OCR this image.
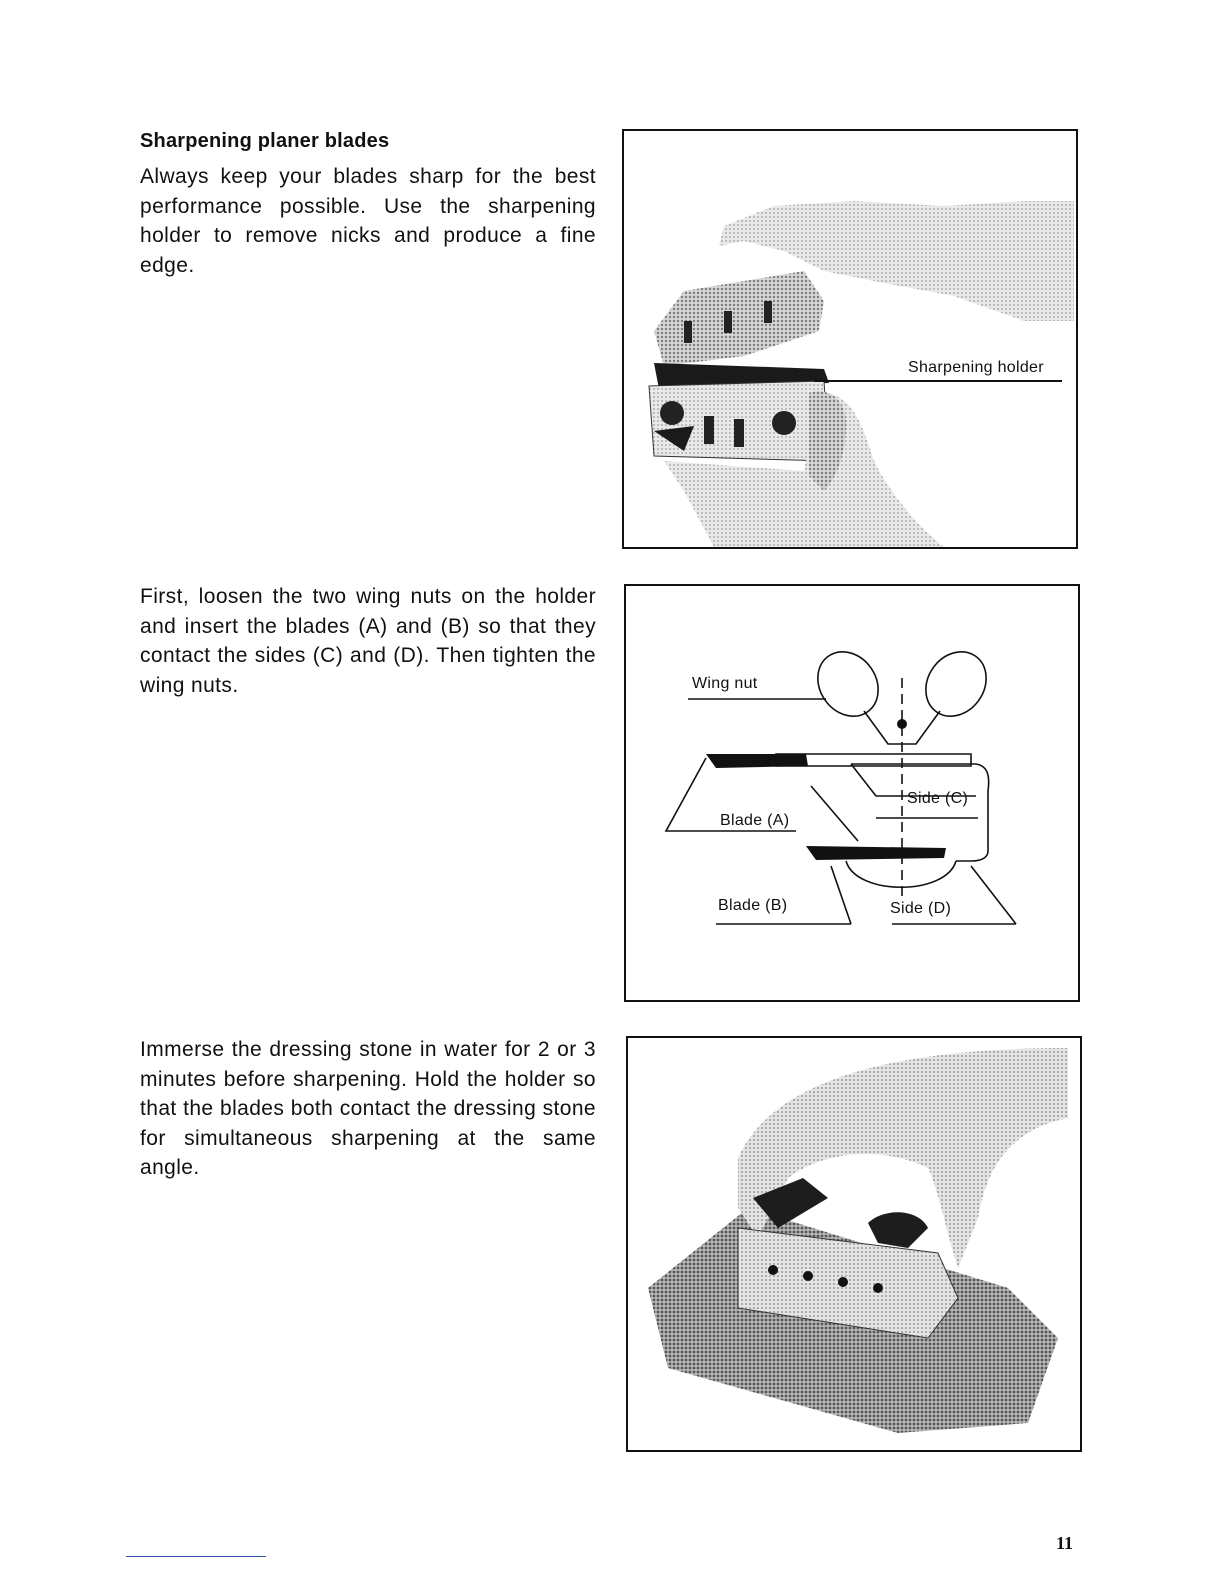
Sharpening planer blades
Always keep your blades sharp for the best performance possible. Use the sharpening holder to remove nicks and produce a fine edge.
First, loosen the two wing nuts on the holder and insert the blades (A) and (B) so that they contact the sides (C) and (D). Then tighten the wing nuts.
Immerse the dressing stone in water for 2 or 3 minutes before sharpening. Hold the holder so that the blades both contact the dressing stone for simultaneous sharpening at the same angle.
Sharpening holder
Wing nut
Side (C)
Blade (A)
Blade (B)	Side (D)
11
